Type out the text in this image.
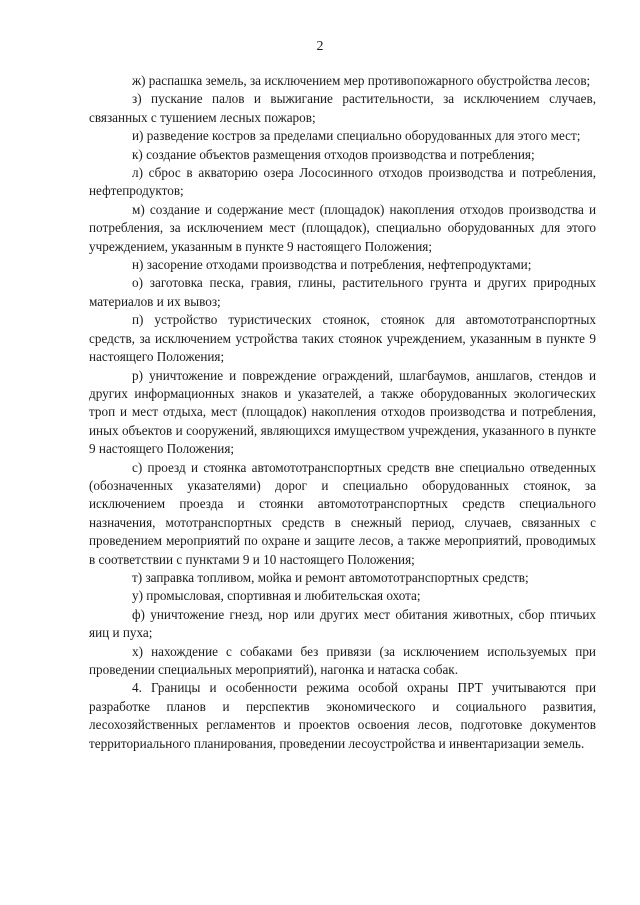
2

ж) распашка земель, за исключением мер противопожарного обустройства лесов;

з) пускание палов и выжигание растительности, за исключением случаев, связанных с тушением лесных пожаров;

и) разведение костров за пределами специально оборудованных для этого мест;

к) создание объектов размещения отходов производства и потребления;

л) сброс в акваторию озера Лососинного отходов производства и потребления, нефтепродуктов;

м) создание и содержание мест (площадок) накопления отходов производства и потребления, за исключением мест (площадок), специально оборудованных для этого учреждением, указанным в пункте 9 настоящего Положения;

н) засорение отходами производства и потребления, нефтепродуктами;

о) заготовка песка, гравия, глины, растительного грунта и других природных материалов и их вывоз;

п) устройство туристических стоянок, стоянок для автомототранспортных средств, за исключением устройства таких стоянок учреждением, указанным в пункте 9 настоящего Положения;

р) уничтожение и повреждение ограждений, шлагбаумов, аншлагов, стендов и других информационных знаков и указателей, а также оборудованных экологических троп и мест отдыха, мест (площадок) накопления отходов производства и потребления, иных объектов и сооружений, являющихся имуществом учреждения, указанного в пункте 9 настоящего Положения;

с) проезд и стоянка автомототранспортных средств вне специально отведенных (обозначенных указателями) дорог и специально оборудованных стоянок, за исключением проезда и стоянки автомототранспортных средств специального назначения, мототранспортных средств в снежный период, случаев, связанных с проведением мероприятий по охране и защите лесов, а также мероприятий, проводимых в соответствии с пунктами 9 и 10 настоящего Положения;

т) заправка топливом, мойка и ремонт автомототранспортных средств;

у) промысловая, спортивная и любительская охота;

ф) уничтожение гнезд, нор или других мест обитания животных, сбор птичьих яиц и пуха;

х) нахождение с собаками без привязи (за исключением используемых при проведении специальных мероприятий), нагонка и натаска собак.

4. Границы и особенности режима особой охраны ПРТ учитываются при разработке планов и перспектив экономического и социального развития, лесохозяйственных регламентов и проектов освоения лесов, подготовке документов территориального планирования, проведении лесоустройства и инвентаризации земель.
